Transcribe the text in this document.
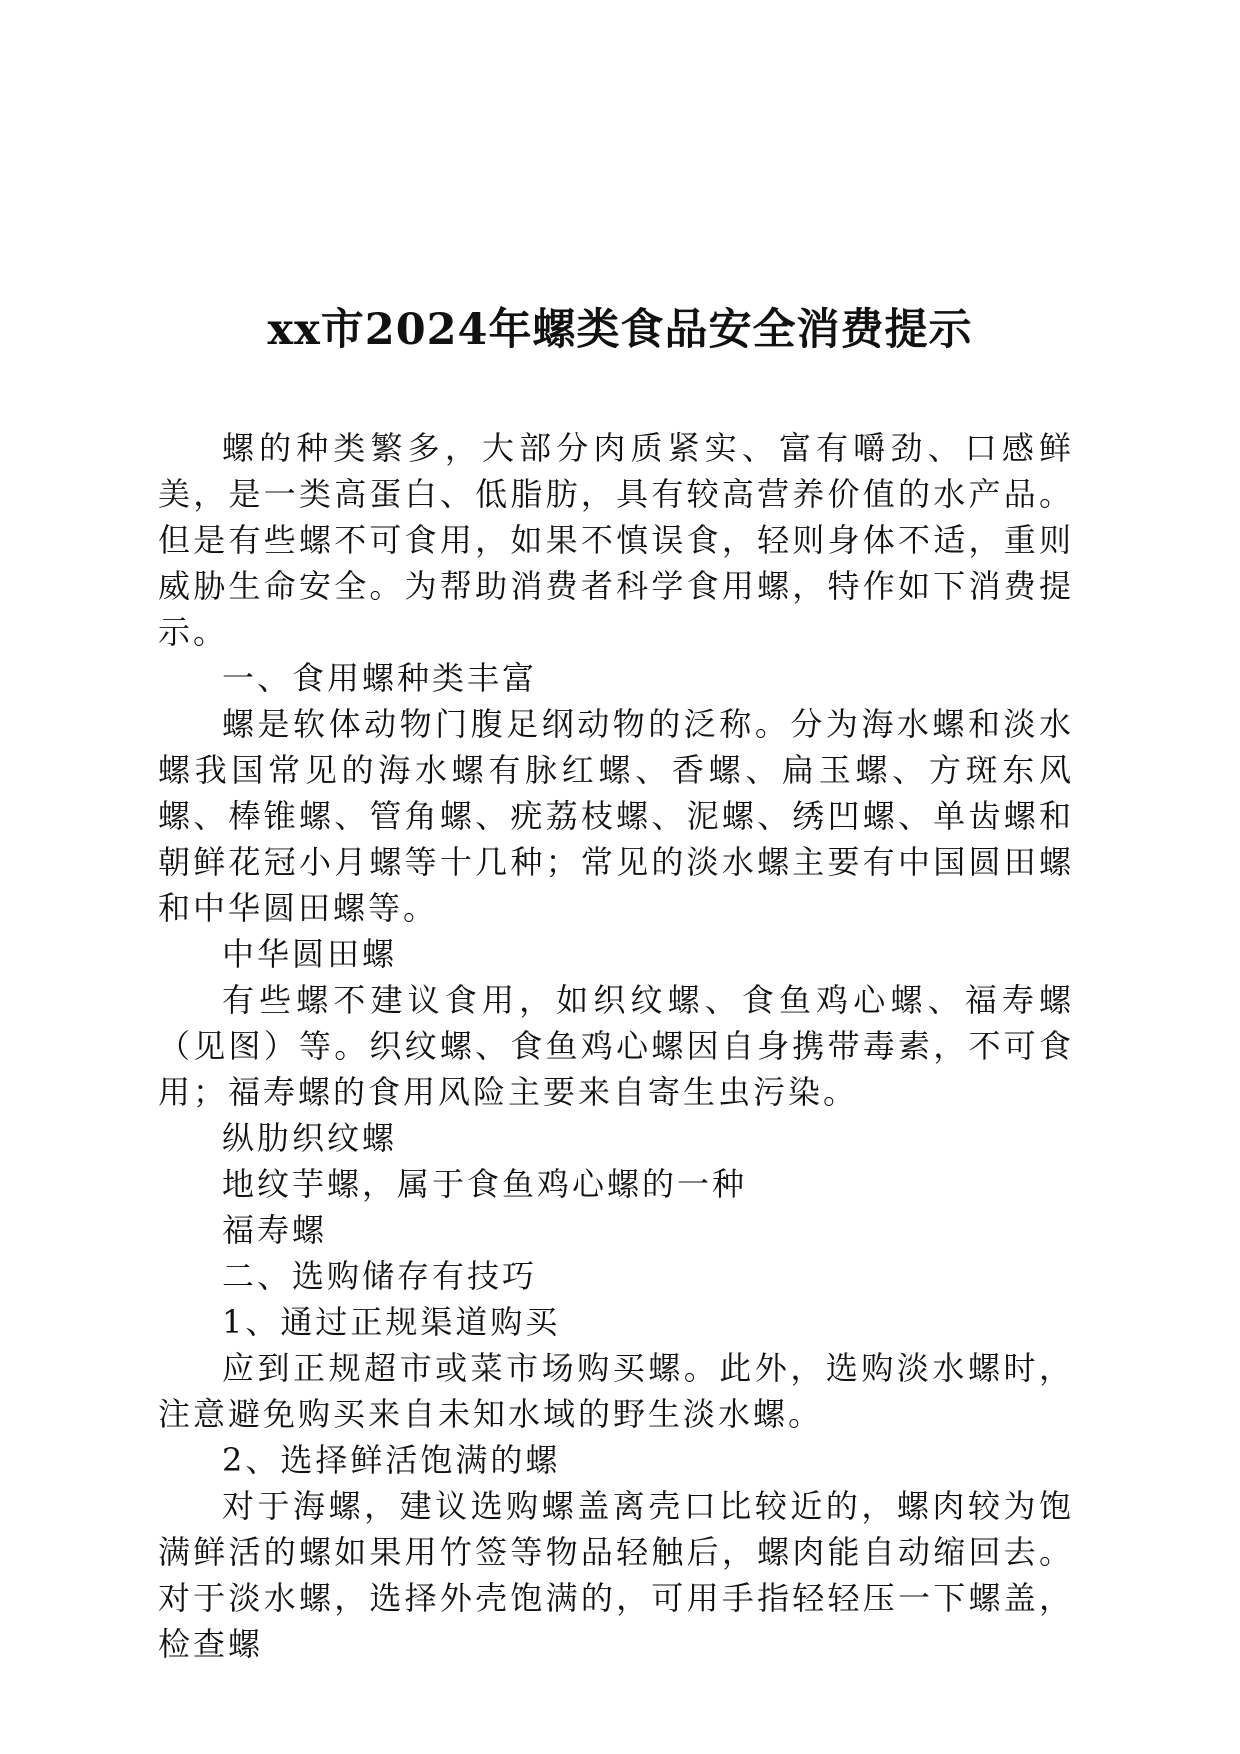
xx市2024年螺类食品安全消费提示

螺的种类繁多，大部分肉质紧实、富有嚼劲、口感鲜美，是一类高蛋白、低脂肪，具有较高营养价值的水产品。但是有些螺不可食用，如果不慎误食，轻则身体不适，重则威胁生命安全。为帮助消费者科学食用螺，特作如下消费提示。

一、食用螺种类丰富

螺是软体动物门腹足纲动物的泛称。分为海水螺和淡水螺我国常见的海水螺有脉红螺、香螺、扁玉螺、方斑东风螺、棒锥螺、管角螺、疣荔枝螺、泥螺、绣凹螺、单齿螺和朝鲜花冠小月螺等十几种；常见的淡水螺主要有中国圆田螺和中华圆田螺等。

中华圆田螺

有些螺不建议食用，如织纹螺、食鱼鸡心螺、福寿螺（见图）等。织纹螺、食鱼鸡心螺因自身携带毒素，不可食用；福寿螺的食用风险主要来自寄生虫污染。

纵肋织纹螺

地纹芋螺，属于食鱼鸡心螺的一种

福寿螺

二、选购储存有技巧

1、通过正规渠道购买

应到正规超市或菜市场购买螺。此外，选购淡水螺时，注意避免购买来自未知水域的野生淡水螺。

2、选择鲜活饱满的螺

对于海螺，建议选购螺盖离壳口比较近的，螺肉较为饱满鲜活的螺如果用竹签等物品轻触后，螺肉能自动缩回去。对于淡水螺，选择外壳饱满的，可用手指轻轻压一下螺盖，检查螺
